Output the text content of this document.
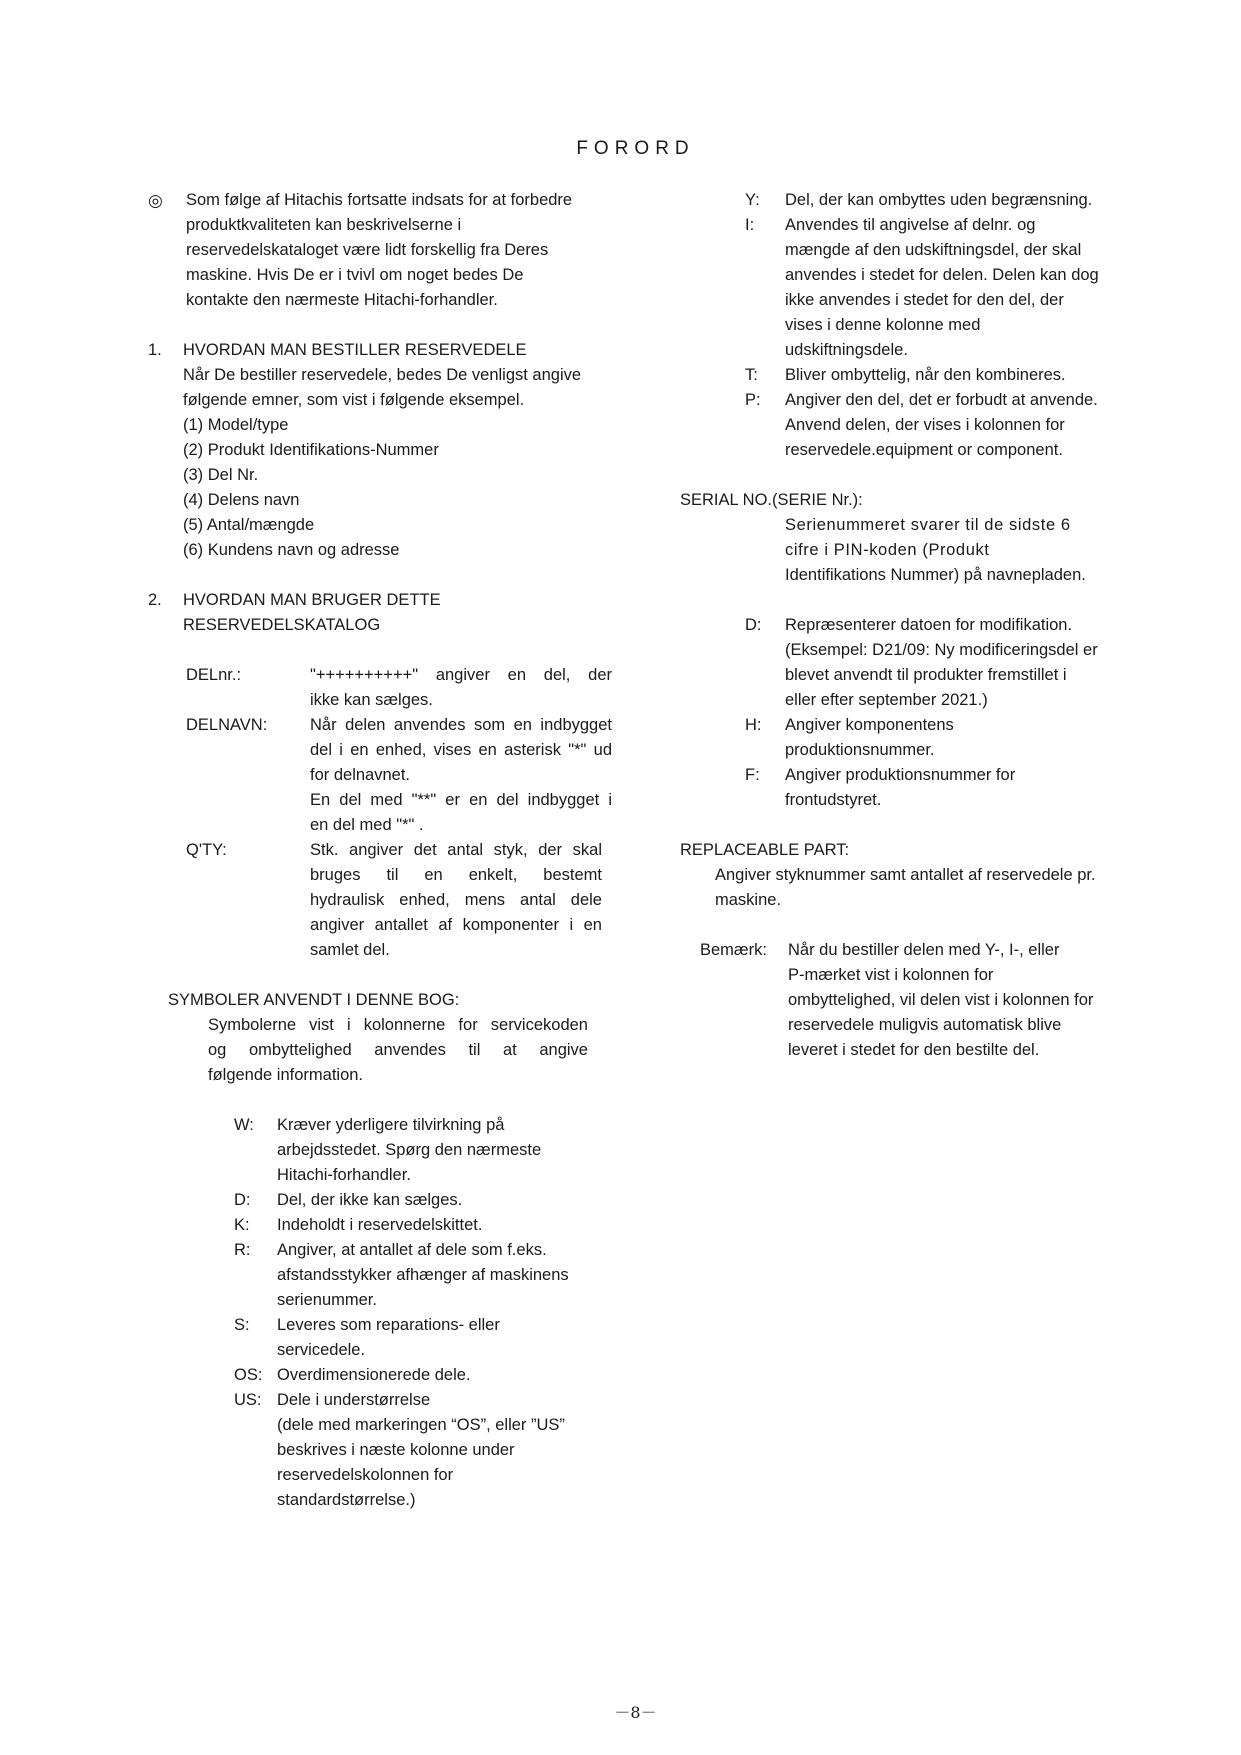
FORORD
◎	Som følge af Hitachis fortsatte indsats for at forbedre
produktkvaliteten kan beskrivelserne i
reservedelskataloget være lidt forskellig fra Deres
maskine. Hvis De er i tvivl om noget bedes De
kontakte den nærmeste Hitachi-forhandler.
1.	HVORDAN MAN BESTILLER RESERVEDELE
Når De bestiller reservedele, bedes De venligst angive
følgende emner, som vist i følgende eksempel.
(1) Model/type
(2) Produkt Identifikations-Nummer
(3) Del Nr.
(4) Delens navn
(5) Antal/mængde
(6) Kundens navn og adresse
2.	HVORDAN MAN BRUGER DETTE
RESERVEDELSKATALOG
DELnr.:	"++++++++++" angiver en del, der
ikke kan sælges.
DELNAVN:	Når delen anvendes som en indbygget
del i en enhed, vises en asterisk "*" ud
for delnavnet.
En del med "**" er en del indbygget i
en del med "*" .
Q'TY:	Stk. angiver det antal styk, der skal
bruges til en enkelt, bestemt
hydraulisk enhed, mens antal dele
angiver antallet af komponenter i en
samlet del.
SYMBOLER ANVENDT I DENNE BOG:
Symbolerne vist i kolonnerne for servicekoden
og ombyttelighed anvendes til at angive
følgende information.
W:	Kræver yderligere tilvirkning på
arbejdsstedet. Spørg den nærmeste
Hitachi-forhandler.
D:	Del, der ikke kan sælges.
K:	Indeholdt i reservedelskittet.
R:	Angiver, at antallet af dele som f.eks.
afstandsstykker afhænger af maskinens
serienummer.
S:	Leveres som reparations- eller
servicedele.
OS: Overdimensionerede dele.
US: Dele i understørrelse
(dele med markeringen “OS”, eller ”US”
beskrives i næste kolonne under
reservedelskolonnen for
standardstørrelse.)
Y:	Del, der kan ombyttes uden begrænsning.
I:	Anvendes til angivelse af delnr. og
mængde af den udskiftningsdel, der skal
anvendes i stedet for delen. Delen kan dog
ikke anvendes i stedet for den del, der
vises i denne kolonne med
udskiftningsdele.
T:	Bliver ombyttelig, når den kombineres.
P:	Angiver den del, det er forbudt at anvende.
Anvend delen, der vises i kolonnen for
reservedele.equipment or component.
SERIAL NO.(SERIE Nr.):
Serienummeret svarer til de sidste 6
cifre i PIN-koden (Produkt
Identifikations Nummer) på navnepladen.
D:	Repræsenterer datoen for modifikation.
(Eksempel: D21/09: Ny modificeringsdel er
blevet anvendt til produkter fremstillet i
eller efter september 2021.)
H:	Angiver komponentens
produktionsnummer.
F:	Angiver produktionsnummer for
frontudstyret.
REPLACEABLE PART:
Angiver styknummer samt antallet af reservedele pr.
maskine.
Bemærk:	Når du bestiller delen med Y-, I-, eller
P-mærket vist i kolonnen for
ombyttelighed, vil delen vist i kolonnen for
reservedele muligvis automatisk blive
leveret i stedet for den bestilte del.
－8－
